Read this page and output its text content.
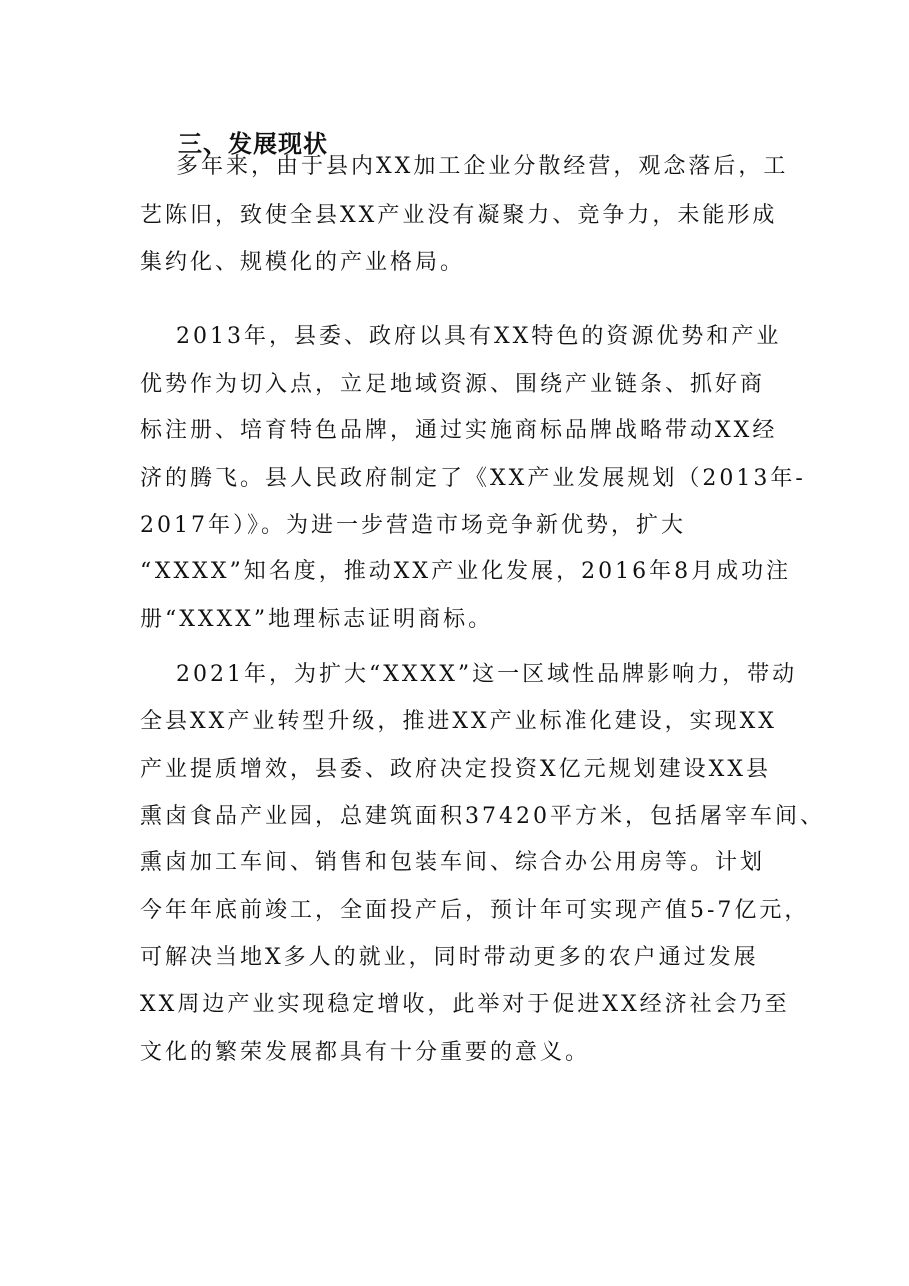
三、发展现状
多年来，由于县内XX加工企业分散经营，观念落后，工
艺陈旧，致使全县XX产业没有凝聚力、竞争力，未能形成
集约化、规模化的产业格局。
2013年，县委、政府以具有XX特色的资源优势和产业
优势作为切入点，立足地域资源、围绕产业链条、抓好商
标注册、培育特色品牌，通过实施商标品牌战略带动XX经
济的腾飞。县人民政府制定了《XX产业发展规划（2013年-
2017年）》。为进一步营造市场竞争新优势，扩大
“XXXX”知名度，推动XX产业化发展，2016年8月成功注
册“XXXX”地理标志证明商标。
2021年，为扩大“XXXX”这一区域性品牌影响力，带动
全县XX产业转型升级，推进XX产业标准化建设，实现XX
产业提质增效，县委、政府决定投资X亿元规划建设XX县
熏卤食品产业园，总建筑面积37420平方米，包括屠宰车间、
熏卤加工车间、销售和包装车间、综合办公用房等。计划
今年年底前竣工，全面投产后，预计年可实现产值5-7亿元，
可解决当地X多人的就业，同时带动更多的农户通过发展
XX周边产业实现稳定增收，此举对于促进XX经济社会乃至
文化的繁荣发展都具有十分重要的意义。
